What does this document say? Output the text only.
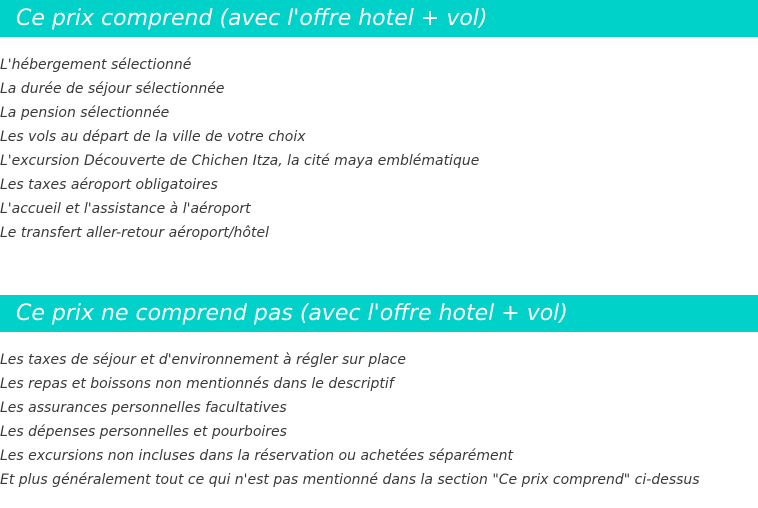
Ce prix comprend (avec l'offre hotel + vol)
L'hébergement sélectionné
La durée de séjour sélectionnée
La pension sélectionnée
Les vols au départ de la ville de votre choix
L'excursion Découverte de Chichen Itza, la cité maya emblématique
Les taxes aéroport obligatoires
L'accueil et l'assistance à l'aéroport
Le transfert aller-retour aéroport/hôtel
Ce prix ne comprend pas (avec l'offre hotel + vol)
Les taxes de séjour et d'environnement à régler sur place
Les repas et boissons non mentionnés dans le descriptif
Les assurances personnelles facultatives
Les dépenses personnelles et pourboires
Les excursions non incluses dans la réservation ou achetées séparément
Et plus généralement tout ce qui n'est pas mentionné dans la section "Ce prix comprend" ci-dessus
